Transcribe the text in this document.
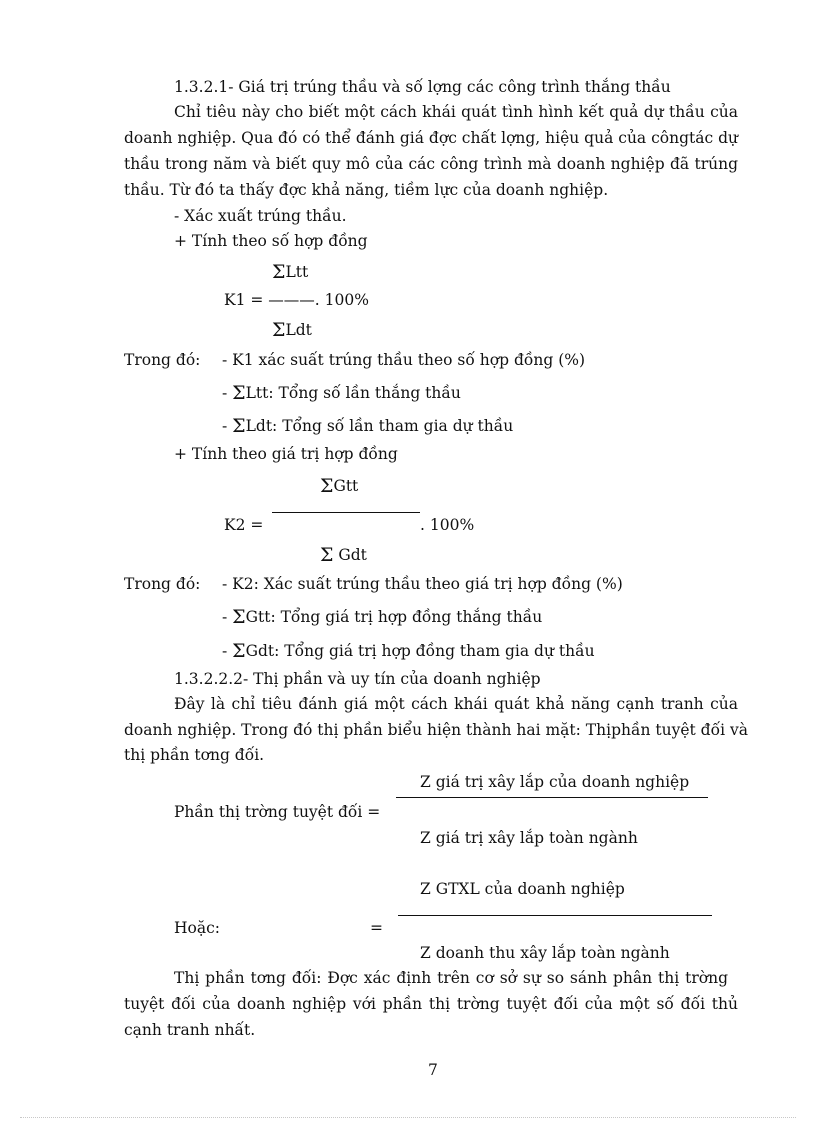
1.3.2.1- Giá trị trúng thầu và số lợng các công trình thắng thầu
Chỉ tiêu này cho biết một cách khái quát tình hình kết quả dự thầu của
doanh nghiệp. Qua đó có thể đánh giá đợc chất lợng, hiệu quả của côngtác dự
thầu trong năm và biết quy mô của các công trình mà doanh nghiệp đã trúng
thầu. Từ đó ta thấy đợc khả năng, tiềm lực của doanh nghiệp.
- Xác xuất trúng thầu.
+ Tính theo số hợp đồng
ΣLtt
K1 = ———. 100%
ΣLdt
Trong đó: - K1 xác suất trúng thầu theo số hợp đồng (%)
- ΣLtt: Tổng số lần thắng thầu
- ΣLdt: Tổng số lần tham gia dự thầu
+ Tính theo giá trị hợp đồng
ΣGtt
K2 =	. 100%
Σ Gdt
Trong đó: - K2: Xác suất trúng thầu theo giá trị hợp đồng (%)
- ΣGtt: Tổng giá trị hợp đồng thắng thầu
- ΣGdt: Tổng giá trị hợp đồng tham gia dự thầu
1.3.2.2.2- Thị phần và uy tín của doanh nghiệp
Đây là chỉ tiêu đánh giá một cách khái quát khả năng cạnh tranh của
doanh nghiệp. Trong đó thị phần biểu hiện thành hai mặt: Thịphần tuyệt đối và
thị phần tơng đối.
Z giá trị xây lắp của doanh nghiệp
Phần thị trờng tuyệt đối =
Z giá trị xây lắp toàn ngành
Z GTXL của doanh nghiệp
Hoặc:	=
Z doanh thu xây lắp toàn ngành
Thị phần tơng đối: Đợc xác định trên cơ sở sự so sánh phân thị trờng
tuyệt đối của doanh nghiệp với phần thị trờng tuyệt đối của một số đối thủ
cạnh tranh nhất.
7
